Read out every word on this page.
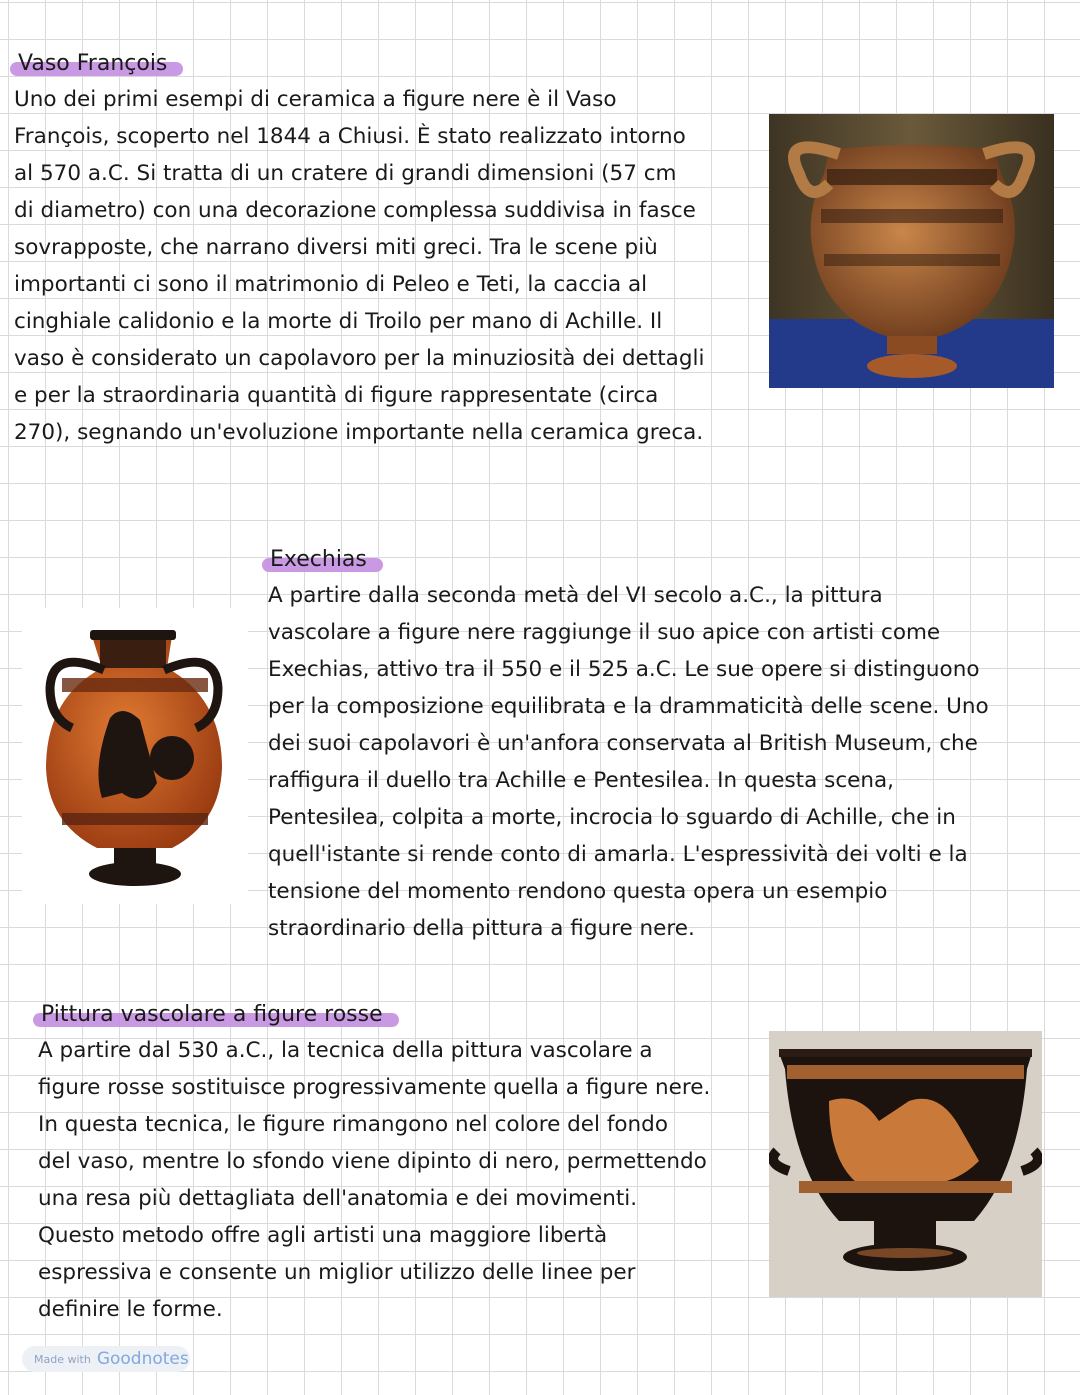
Vaso François

Uno dei primi esempi di ceramica a figure nere è il Vaso
François, scoperto nel 1844 a Chiusi. È stato realizzato intorno
al 570 a.C. Si tratta di un cratere di grandi dimensioni (57 cm
di diametro) con una decorazione complessa suddivisa in fasce
sovrapposte, che narrano diversi miti greci. Tra le scene più
importanti ci sono il matrimonio di Peleo e Teti, la caccia al
cinghiale calidonio e la morte di Troilo per mano di Achille. Il
vaso è considerato un capolavoro per la minuziosità dei dettagli
e per la straordinaria quantità di figure rappresentate (circa
270), segnando un'evoluzione importante nella ceramica greca.

Exechias

A partire dalla seconda metà del VI secolo a.C., la pittura
vascolare a figure nere raggiunge il suo apice con artisti come
Exechias, attivo tra il 550 e il 525 a.C. Le sue opere si distinguono
per la composizione equilibrata e la drammaticità delle scene. Uno
dei suoi capolavori è un'anfora conservata al British Museum, che
raffigura il duello tra Achille e Pentesilea. In questa scena,
Pentesilea, colpita a morte, incrocia lo sguardo di Achille, che in
quell'istante si rende conto di amarla. L'espressività dei volti e la
tensione del momento rendono questa opera un esempio
straordinario della pittura a figure nere.

Pittura vascolare a figure rosse

A partire dal 530 a.C., la tecnica della pittura vascolare a
figure rosse sostituisce progressivamente quella a figure nere.
In questa tecnica, le figure rimangono nel colore del fondo
del vaso, mentre lo sfondo viene dipinto di nero, permettendo
una resa più dettagliata dell'anatomia e dei movimenti.
Questo metodo offre agli artisti una maggiore libertà
espressiva e consente un miglior utilizzo delle linee per
definire le forme.

Made with Goodnotes
